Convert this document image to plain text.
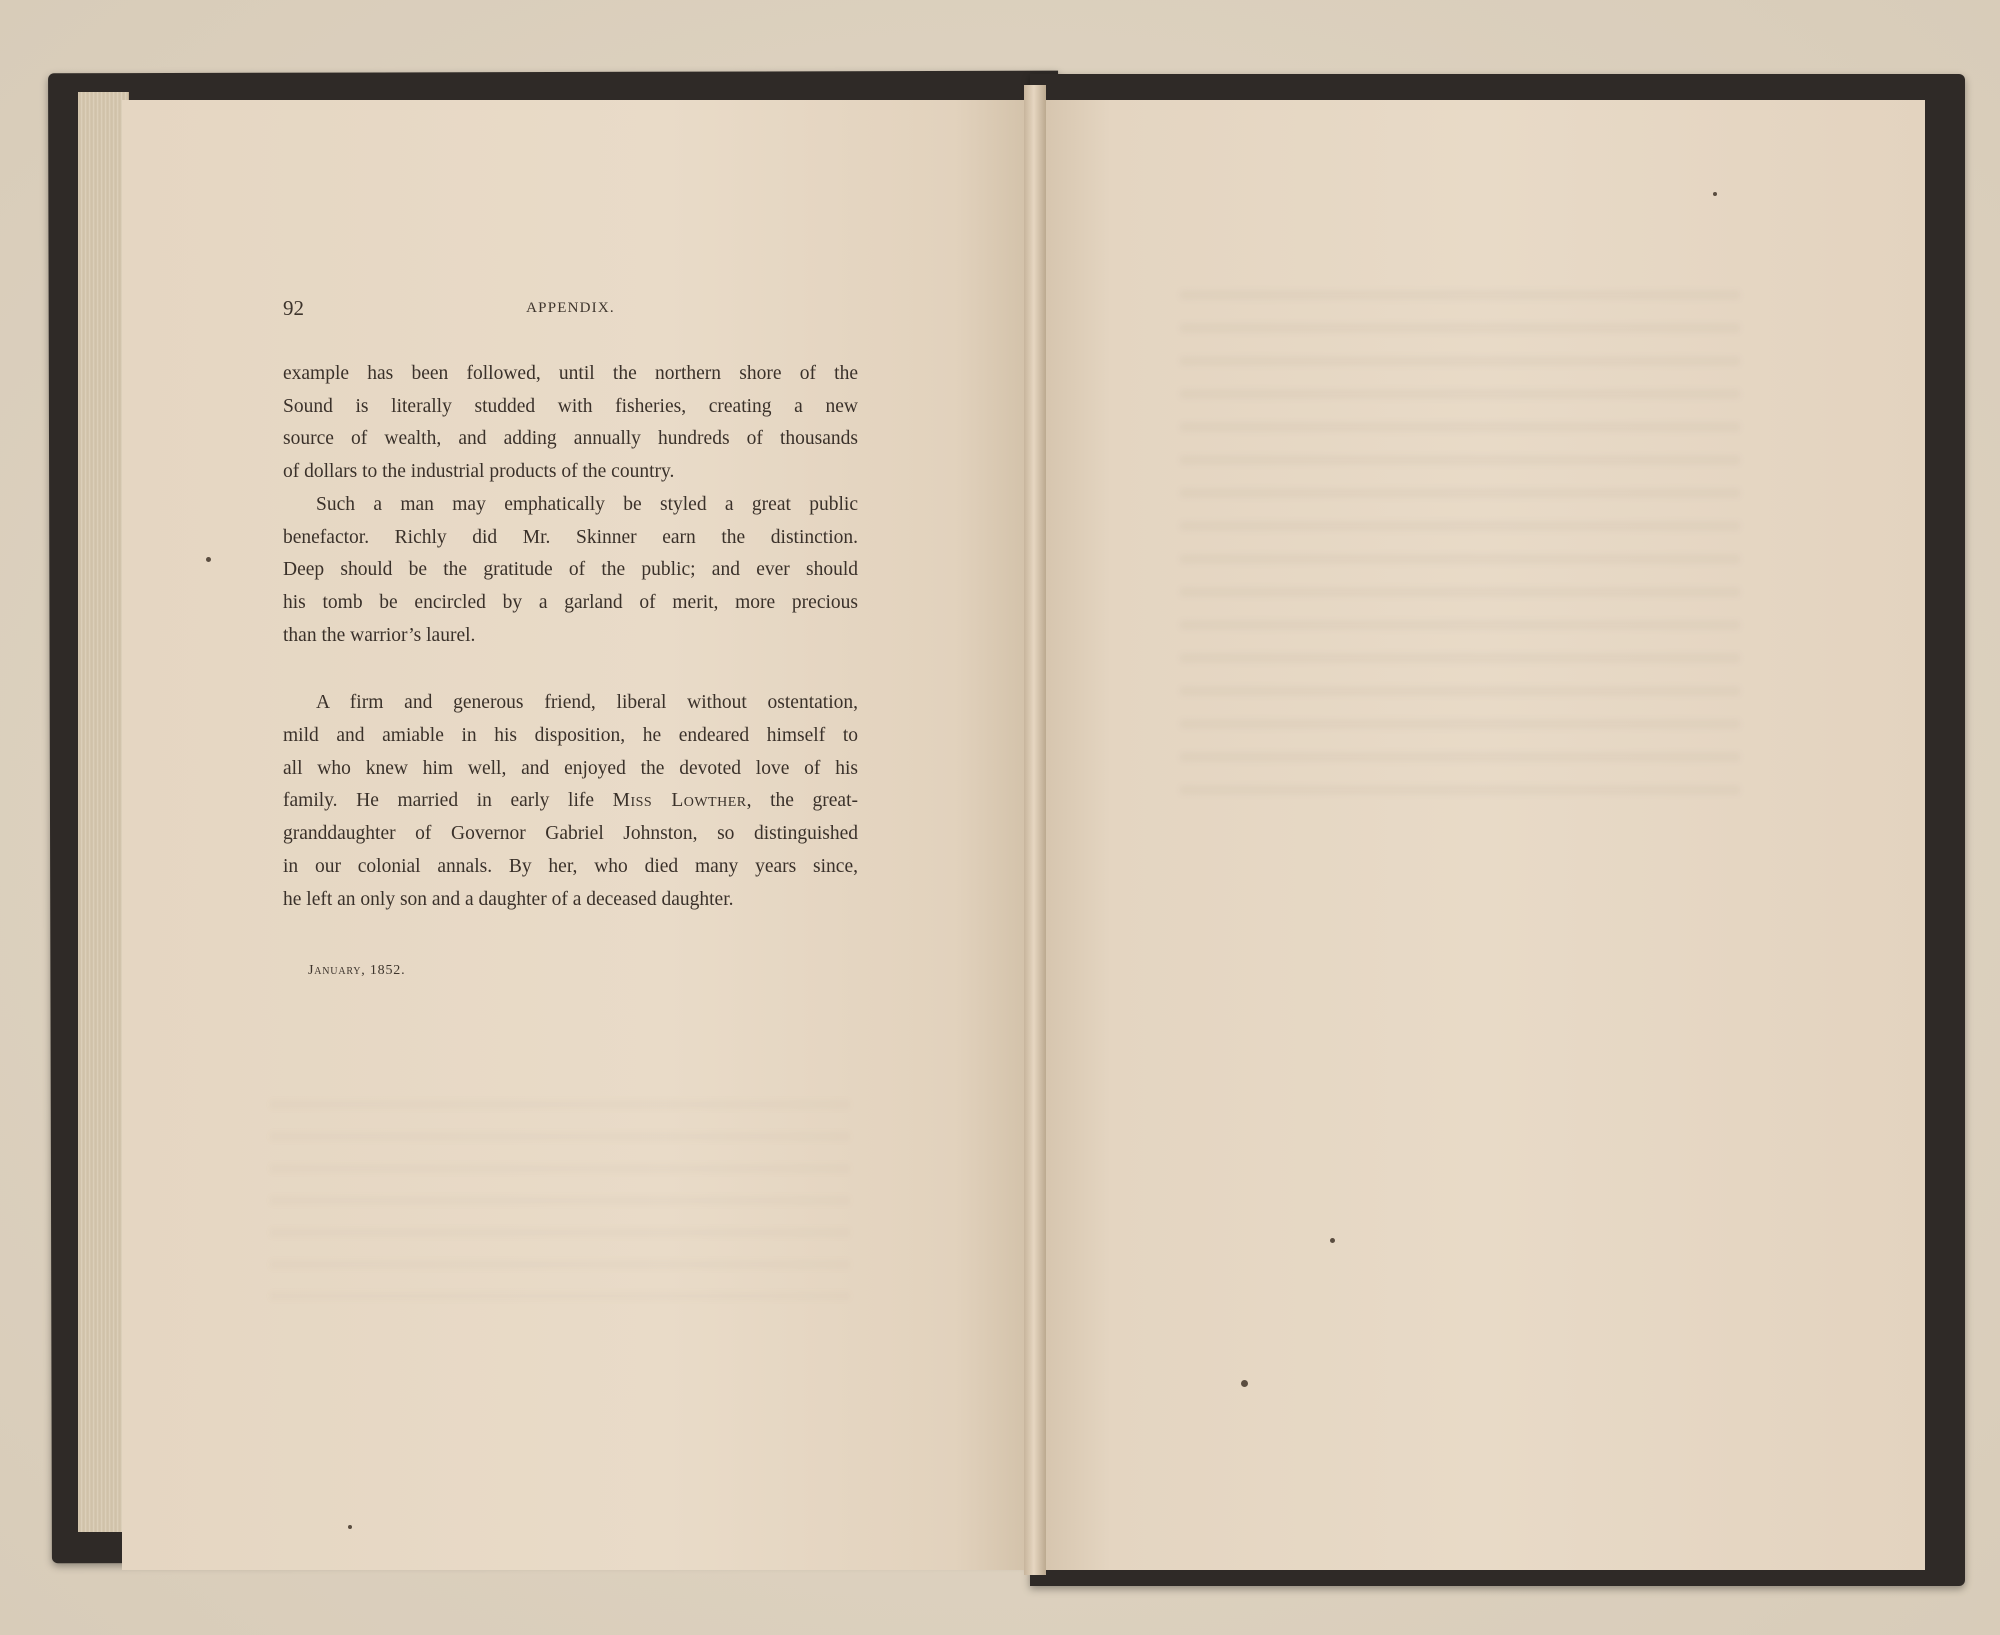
92	APPENDIX.

example has been followed, until the northern shore of the
Sound is literally studded with fisheries, creating a new
source of wealth, and adding annually hundreds of thousands
of dollars to the industrial products of the country.

Such a man may emphatically be styled a great public
benefactor. Richly did Mr. Skinner earn the distinction.
Deep should be the gratitude of the public; and ever should
his tomb be encircled by a garland of merit, more precious
than the warrior’s laurel.

A firm and generous friend, liberal without ostentation,
mild and amiable in his disposition, he endeared himself to
all who knew him well, and enjoyed the devoted love of his
family. He married in early life Miss Lowther, the great-
granddaughter of Governor Gabriel Johnston, so distinguished
in our colonial annals. By her, who died many years since,
he left an only son and a daughter of a deceased daughter.

January, 1852.
